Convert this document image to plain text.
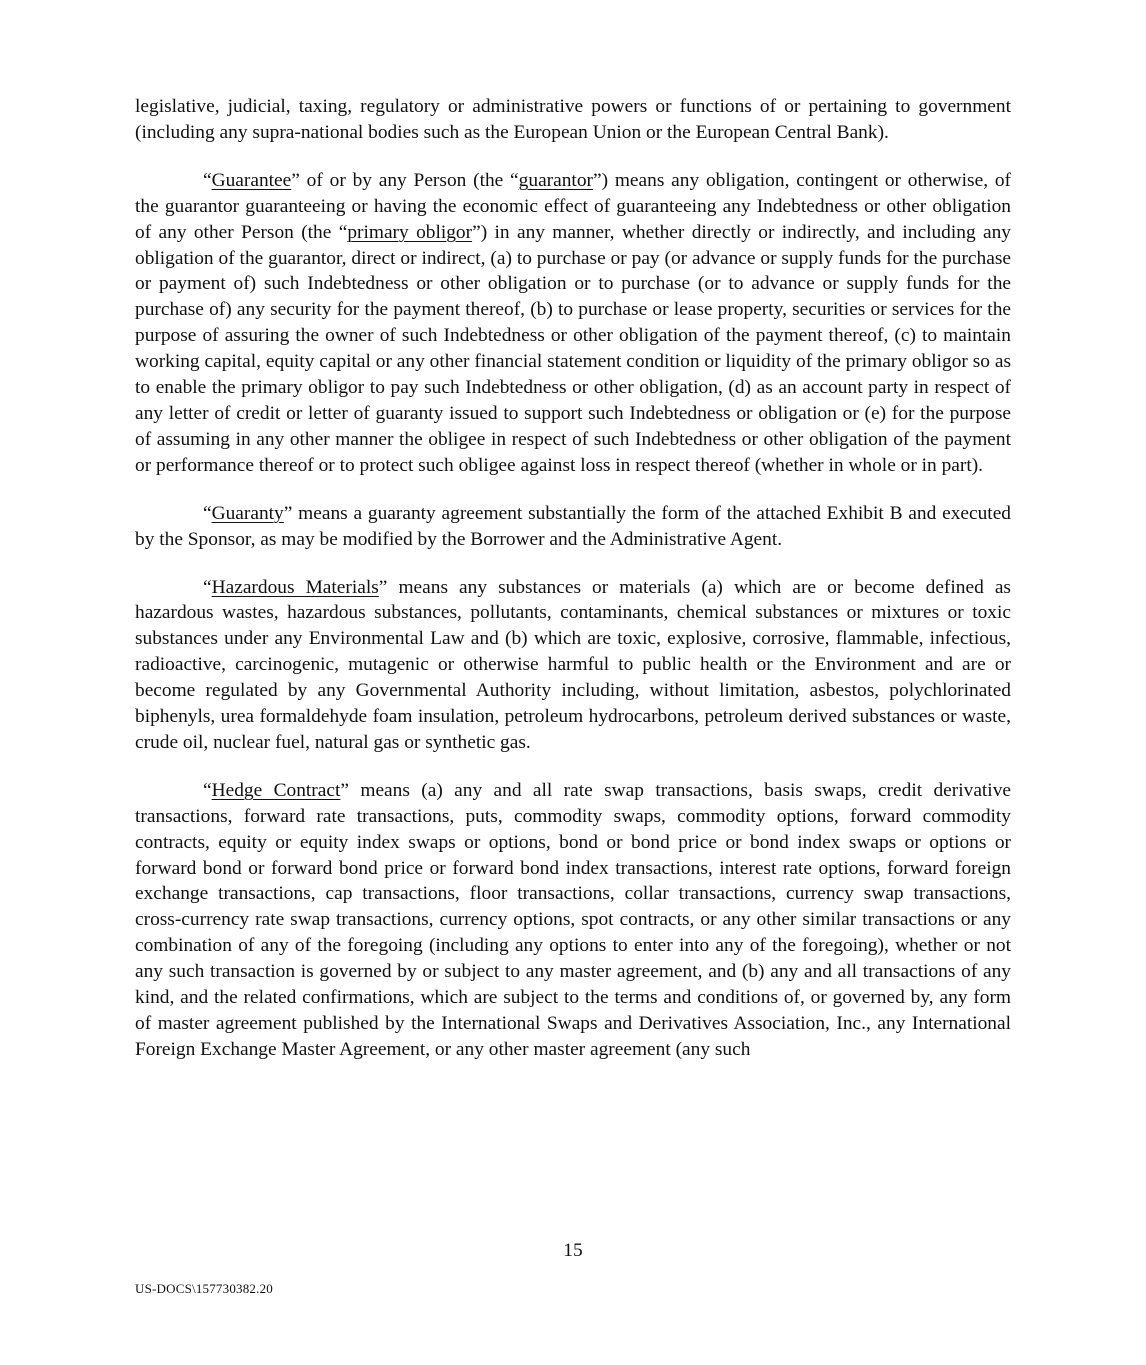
legislative, judicial, taxing, regulatory or administrative powers or functions of or pertaining to government (including any supra-national bodies such as the European Union or the European Central Bank).

“Guarantee” of or by any Person (the “guarantor”) means any obligation, contingent or otherwise, of the guarantor guaranteeing or having the economic effect of guaranteeing any Indebtedness or other obligation of any other Person (the “primary obligor”) in any manner, whether directly or indirectly, and including any obligation of the guarantor, direct or indirect, (a) to purchase or pay (or advance or supply funds for the purchase or payment of) such Indebtedness or other obligation or to purchase (or to advance or supply funds for the purchase of) any security for the payment thereof, (b) to purchase or lease property, securities or services for the purpose of assuring the owner of such Indebtedness or other obligation of the payment thereof, (c) to maintain working capital, equity capital or any other financial statement condition or liquidity of the primary obligor so as to enable the primary obligor to pay such Indebtedness or other obligation, (d) as an account party in respect of any letter of credit or letter of guaranty issued to support such Indebtedness or obligation or (e) for the purpose of assuming in any other manner the obligee in respect of such Indebtedness or other obligation of the payment or performance thereof or to protect such obligee against loss in respect thereof (whether in whole or in part).

“Guaranty” means a guaranty agreement substantially the form of the attached Exhibit B and executed by the Sponsor, as may be modified by the Borrower and the Administrative Agent.

“Hazardous Materials” means any substances or materials (a) which are or become defined as hazardous wastes, hazardous substances, pollutants, contaminants, chemical substances or mixtures or toxic substances under any Environmental Law and (b) which are toxic, explosive, corrosive, flammable, infectious, radioactive, carcinogenic, mutagenic or otherwise harmful to public health or the Environment and are or become regulated by any Governmental Authority including, without limitation, asbestos, polychlorinated biphenyls, urea formaldehyde foam insulation, petroleum hydrocarbons, petroleum derived substances or waste, crude oil, nuclear fuel, natural gas or synthetic gas.

“Hedge Contract” means (a) any and all rate swap transactions, basis swaps, credit derivative transactions, forward rate transactions, puts, commodity swaps, commodity options, forward commodity contracts, equity or equity index swaps or options, bond or bond price or bond index swaps or options or forward bond or forward bond price or forward bond index transactions, interest rate options, forward foreign exchange transactions, cap transactions, floor transactions, collar transactions, currency swap transactions, cross-currency rate swap transactions, currency options, spot contracts, or any other similar transactions or any combination of any of the foregoing (including any options to enter into any of the foregoing), whether or not any such transaction is governed by or subject to any master agreement, and (b) any and all transactions of any kind, and the related confirmations, which are subject to the terms and conditions of, or governed by, any form of master agreement published by the International Swaps and Derivatives Association, Inc., any International Foreign Exchange Master Agreement, or any other master agreement (any such

15
US-DOCS\157730382.20
